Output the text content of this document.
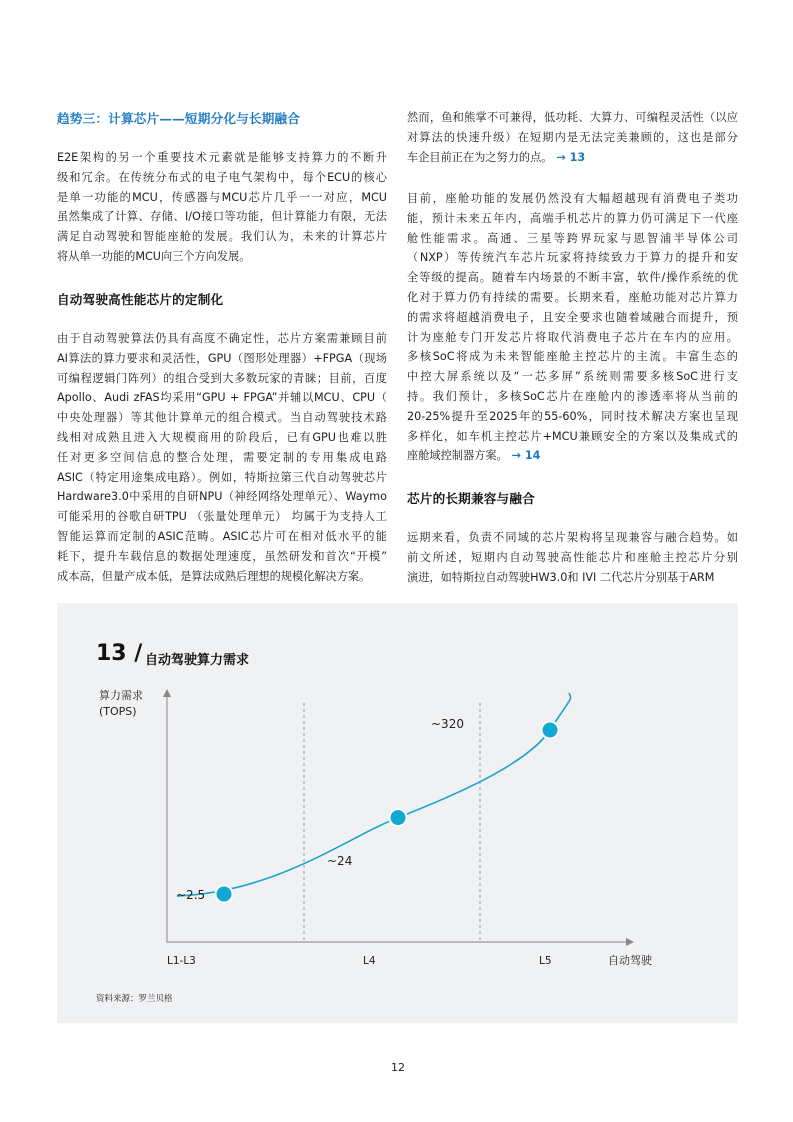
趋势三：计算芯片——短期分化与长期融合
E2E架构的另一个重要技术元素就是能够支持算力的不断升
级和冗余。在传统分布式的电子电气架构中，每个ECU的核心
是单一功能的MCU，传感器与MCU芯片几乎一一对应，MCU
虽然集成了计算、存储、I/O接口等功能，但计算能力有限，无法
满足自动驾驶和智能座舱的发展。我们认为，未来的计算芯片
将从单一功能的MCU向三个方向发展。
自动驾驶高性能芯片的定制化
由于自动驾驶算法仍具有高度不确定性，芯片方案需兼顾目前
AI算法的算力要求和灵活性，GPU（图形处理器）+FPGA（现场
可编程逻辑门阵列）的组合受到大多数玩家的青睐；目前，百度
Apollo、Audi zFAS均采用“GPU + FPGA”并辅以MCU、CPU（
中央处理器）等其他计算单元的组合模式。当自动驾驶技术路
线相对成熟且进入大规模商用的阶段后，已有GPU也难以胜
任对更多空间信息的整合处理，需要定制的专用集成电路
ASIC（特定用途集成电路）。例如，特斯拉第三代自动驾驶芯片
Hardware3.0中采用的自研NPU（神经网络处理单元）、Waymo
可能采用的谷歌自研TPU （张量处理单元） 均属于为支持人工
智能运算而定制的ASIC范畴。ASIC芯片可在相对低水平的能
耗下，提升车载信息的数据处理速度，虽然研发和首次“开模”
成本高，但量产成本低，是算法成熟后理想的规模化解决方案。
然而，鱼和熊掌不可兼得，低功耗、大算力、可编程灵活性（以应
对算法的快速升级）在短期内是无法完美兼顾的，这也是部分
车企目前正在为之努力的点。 → 13
目前，座舱功能的发展仍然没有大幅超越现有消费电子类功
能，预计未来五年内，高端手机芯片的算力仍可满足下一代座
舱性能需求。高通、三星等跨界玩家与恩智浦半导体公司
（NXP）等传统汽车芯片玩家将持续致力于算力的提升和安
全等级的提高。随着车内场景的不断丰富，软件/操作系统的优
化对于算力仍有持续的需要。长期来看，座舱功能对芯片算力
的需求将超越消费电子，且安全要求也随着域融合而提升，预
计为座舱专门开发芯片将取代消费电子芯片在车内的应用。
多核SoC将成为未来智能座舱主控芯片的主流。丰富生态的
中控大屏系统以及“一芯多屏”系统则需要多核SoC进行支
持。我们预计，多核SoC芯片在座舱内的渗透率将从当前的
20-25%提升至2025年的55-60%，同时技术解决方案也呈现
多样化，如车机主控芯片+MCU兼顾安全的方案以及集成式的
座舱域控制器方案。 → 14
芯片的长期兼容与融合
远期来看，负责不同域的芯片架构将呈现兼容与融合趋势。如
前文所述，短期内自动驾驶高性能芯片和座舱主控芯片分别
演进，如特斯拉自动驾驶HW3.0和 IVI 二代芯片分别基于ARM
13 / 自动驾驶算力需求
算力需求
(TOPS)
L1-L3	L4	L5	自动驾驶
~2.5
~24
~320
资料来源：罗兰贝格
12
